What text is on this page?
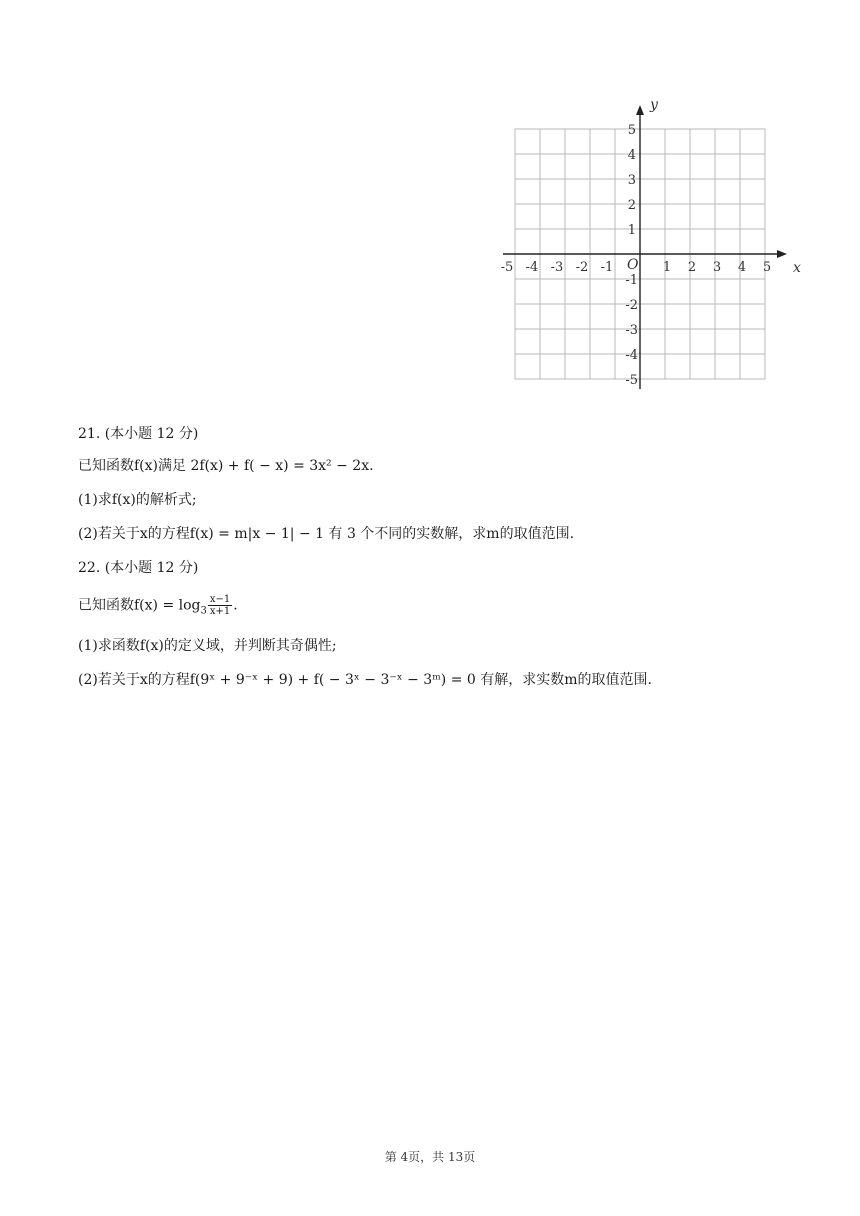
x
y
O
-5 -4 -3 -2 -1	1 2 3 4 5
5
4
3
2
1
-1
-2
-3
-4
-5
21. (本小题 12 分)
已知函数f(x)满足 2f(x) + f( − x) = 3x² − 2x.
(1)求f(x)的解析式;
(2)若关于x的方程f(x) = m|x − 1| − 1 有 3 个不同的实数解，求m的取值范围.
22. (本小题 12 分)
已知函数$f(x) = \log_3 \frac{x-1}{x+1}$ .
(1)求函数f(x)的定义域，并判断其奇偶性;
(2)若关于x的方程f(9ˣ + 9⁻ˣ + 9) + f( − 3ˣ − 3⁻ˣ − 3ᵐ) = 0 有解，求实数m的取值范围.
第 4页，共 13页
